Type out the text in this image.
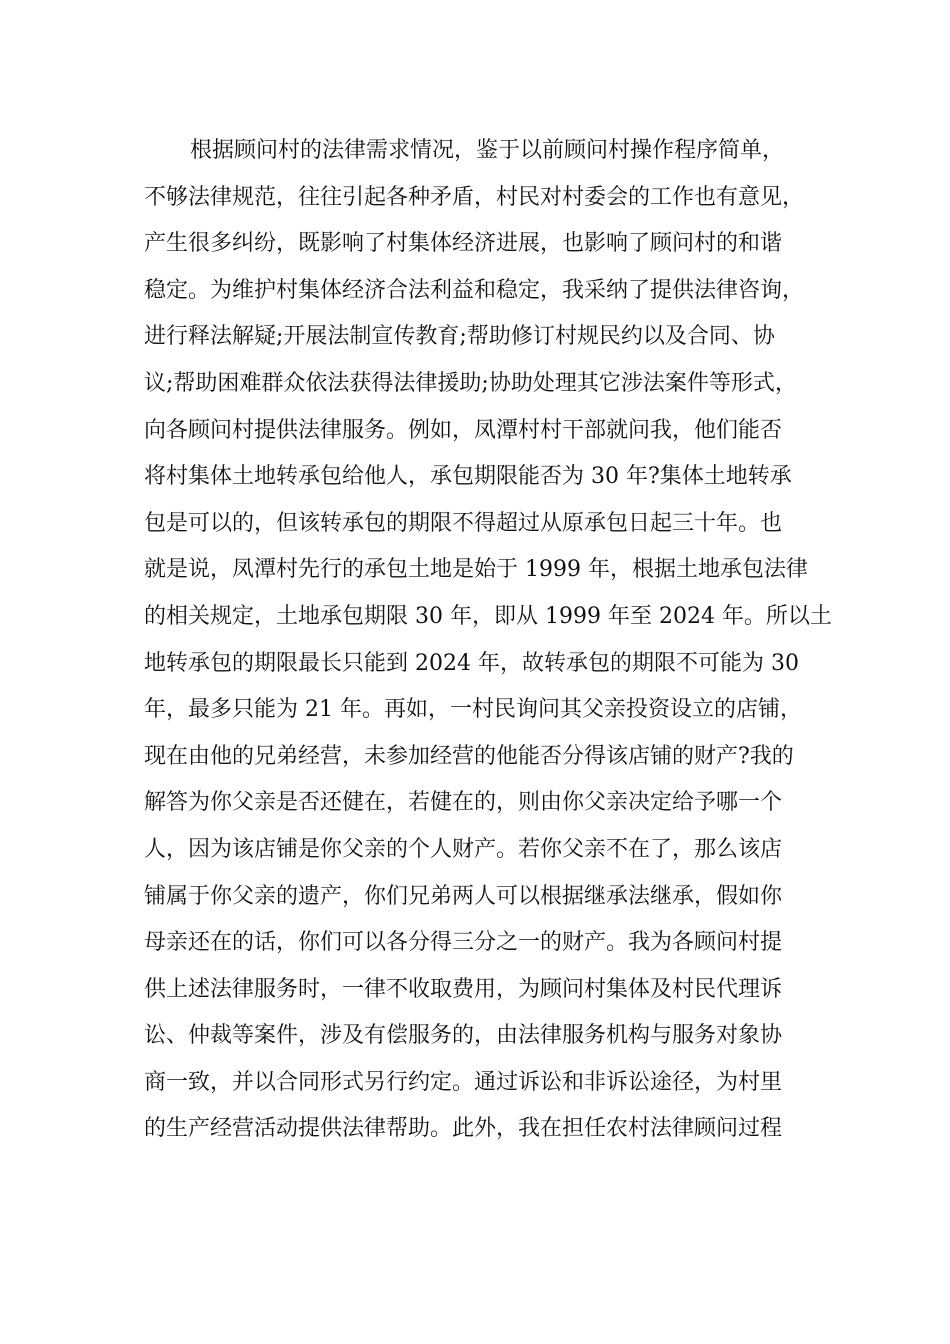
根据顾问村的法律需求情况，鉴于以前顾问村操作程序简单，
不够法律规范，往往引起各种矛盾，村民对村委会的工作也有意见，
产生很多纠纷，既影响了村集体经济进展，也影响了顾问村的和谐
稳定。为维护村集体经济合法利益和稳定，我采纳了提供法律咨询，
进行释法解疑;开展法制宣传教育;帮助修订村规民约以及合同、协
议;帮助困难群众依法获得法律援助;协助处理其它涉法案件等形式，
向各顾问村提供法律服务。例如，凤潭村村干部就问我，他们能否
将村集体土地转承包给他人，承包期限能否为 30 年?集体土地转承
包是可以的，但该转承包的期限不得超过从原承包日起三十年。也
就是说，凤潭村先行的承包土地是始于 1999 年，根据土地承包法律
的相关规定，土地承包期限 30 年，即从 1999 年至 2024 年。所以土
地转承包的期限最长只能到 2024 年，故转承包的期限不可能为 30
年，最多只能为 21 年。再如，一村民询问其父亲投资设立的店铺，
现在由他的兄弟经营，未参加经营的他能否分得该店铺的财产?我的
解答为你父亲是否还健在，若健在的，则由你父亲决定给予哪一个
人，因为该店铺是你父亲的个人财产。若你父亲不在了，那么该店
铺属于你父亲的遗产，你们兄弟两人可以根据继承法继承，假如你
母亲还在的话，你们可以各分得三分之一的财产。我为各顾问村提
供上述法律服务时，一律不收取费用，为顾问村集体及村民代理诉
讼、仲裁等案件，涉及有偿服务的，由法律服务机构与服务对象协
商一致，并以合同形式另行约定。通过诉讼和非诉讼途径，为村里
的生产经营活动提供法律帮助。此外，我在担任农村法律顾问过程
